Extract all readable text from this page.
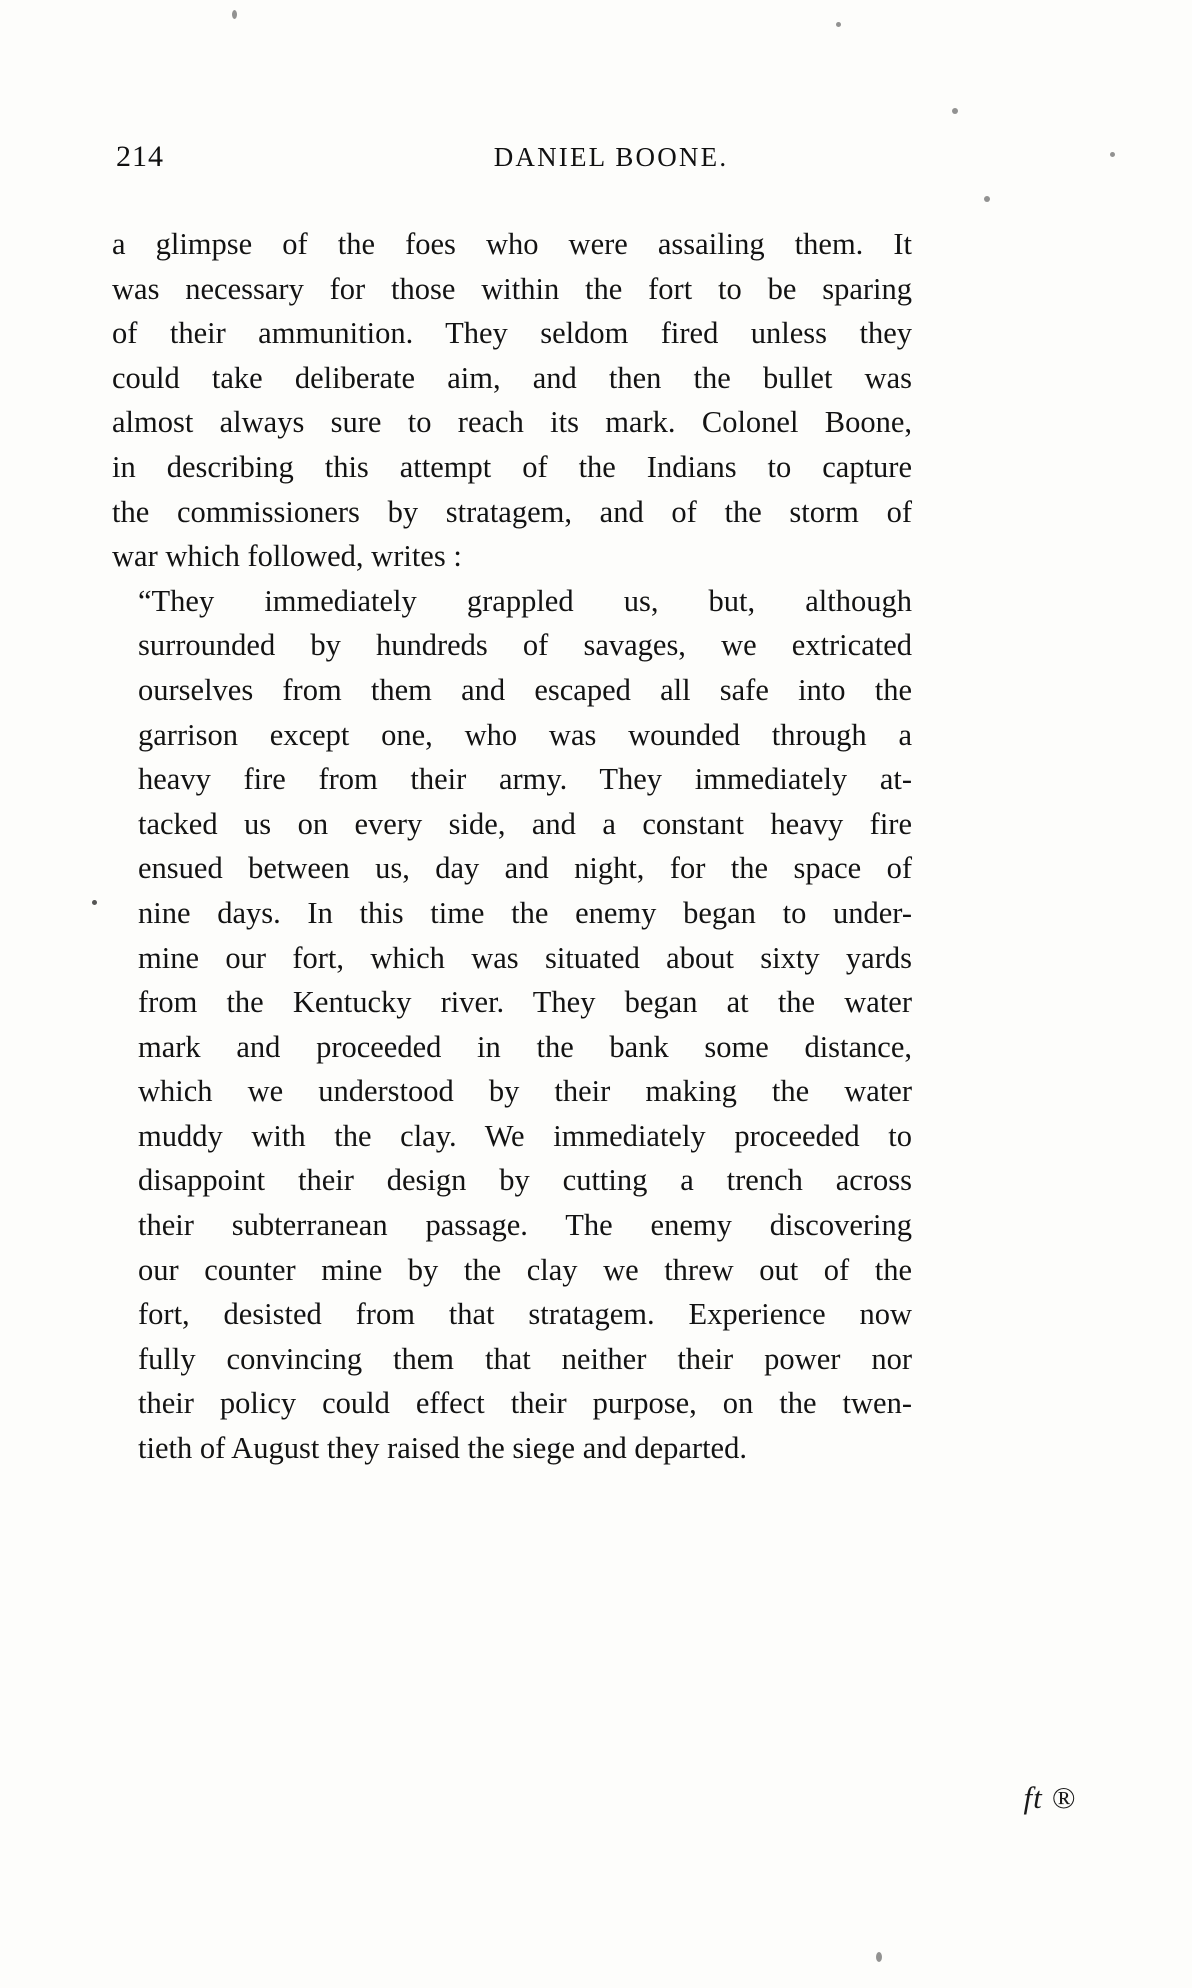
214	DANIEL BOONE.

a glimpse of the foes who were assailing them. It
was necessary for those within the fort to be sparing
of their ammunition. They seldom fired unless they
could take deliberate aim, and then the bullet was
almost always sure to reach its mark. Colonel Boone,
in describing this attempt of the Indians to capture
the commissioners by stratagem, and of the storm of
war which followed, writes :

“They immediately grappled us, but, although
surrounded by hundreds of savages, we extricated
ourselves from them and escaped all safe into the
garrison except one, who was wounded through a
heavy fire from their army. They immediately at-
tacked us on every side, and a constant heavy fire
ensued between us, day and night, for the space of
nine days. In this time the enemy began to under-
mine our fort, which was situated about sixty yards
from the Kentucky river. They began at the water
mark and proceeded in the bank some distance,
which we understood by their making the water
muddy with the clay. We immediately proceeded to
disappoint their design by cutting a trench across
their subterranean passage. The enemy discovering
our counter mine by the clay we threw out of the
fort, desisted from that stratagem. Experience now
fully convincing them that neither their power nor
their policy could effect their purpose, on the twen-
tieth of August they raised the siege and departed.

ft ®
